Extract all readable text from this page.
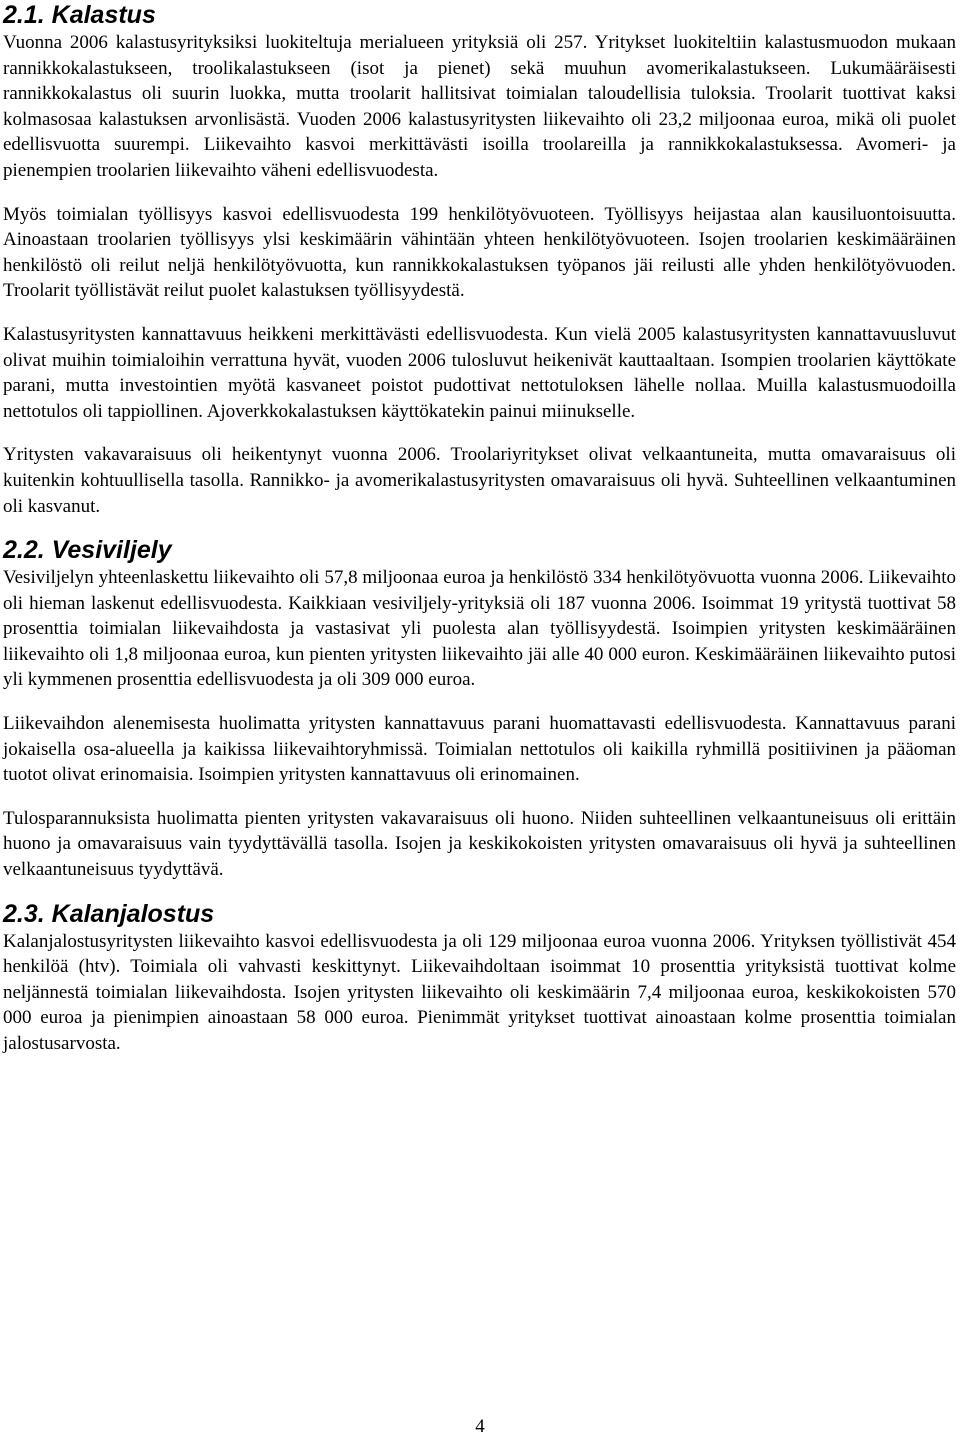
2.1. Kalastus

Vuonna 2006 kalastusyrityksiksi luokiteltuja merialueen yrityksiä oli 257. Yritykset luokiteltiin kalastusmuodon mukaan rannikkokalastukseen, troolikalastukseen (isot ja pienet) sekä muuhun avomerikalastukseen. Lukumääräisesti rannikkokalastus oli suurin luokka, mutta troolarit hallitsivat toimialan taloudellisia tuloksia. Troolarit tuottivat kaksi kolmasosaa kalastuksen arvonlisästä. Vuoden 2006 kalastusyritysten liikevaihto oli 23,2 miljoonaa euroa, mikä oli puolet edellisvuotta suurempi. Liikevaihto kasvoi merkittävästi isoilla troolareilla ja rannikkokalastuksessa. Avomeri- ja pienempien troolarien liikevaihto väheni edellisvuodesta.

Myös toimialan työllisyys kasvoi edellisvuodesta 199 henkilötyövuoteen. Työllisyys heijastaa alan kausiluontoisuutta. Ainoastaan troolarien työllisyys ylsi keskimäärin vähintään yhteen henkilötyövuoteen. Isojen troolarien keskimääräinen henkilöstö oli reilut neljä henkilötyövuotta, kun rannikkokalastuksen työpanos jäi reilusti alle yhden henkilötyövuoden. Troolarit työllistävät reilut puolet kalastuksen työllisyydestä.

Kalastusyritysten kannattavuus heikkeni merkittävästi edellisvuodesta. Kun vielä 2005 kalastusyritysten kannattavuusluvut olivat muihin toimialoihin verrattuna hyvät, vuoden 2006 tulosluvut heikenivät kauttaaltaan. Isompien troolarien käyttökate parani, mutta investointien myötä kasvaneet poistot pudottivat nettotuloksen lähelle nollaa. Muilla kalastusmuodoilla nettotulos oli tappiollinen. Ajoverkkokalastuksen käyttökatekin painui miinukselle.

Yritysten vakavaraisuus oli heikentynyt vuonna 2006. Troolariyritykset olivat velkaantuneita, mutta omavaraisuus oli kuitenkin kohtuullisella tasolla. Rannikko- ja avomerikalastusyritysten omavaraisuus oli hyvä. Suhteellinen velkaantuminen oli kasvanut.

2.2. Vesiviljely

Vesiviljelyn yhteenlaskettu liikevaihto oli 57,8 miljoonaa euroa ja henkilöstö 334 henkilötyövuotta vuonna 2006. Liikevaihto oli hieman laskenut edellisvuodesta. Kaikkiaan vesiviljely-yrityksiä oli 187 vuonna 2006. Isoimmat 19 yritystä tuottivat 58 prosenttia toimialan liikevaihdosta ja vastasivat yli puolesta alan työllisyydestä. Isoimpien yritysten keskimääräinen liikevaihto oli 1,8 miljoonaa euroa, kun pienten yritysten liikevaihto jäi alle 40 000 euron. Keskimääräinen liikevaihto putosi yli kymmenen prosenttia edellisvuodesta ja oli 309 000 euroa.

Liikevaihdon alenemisesta huolimatta yritysten kannattavuus parani huomattavasti edellisvuodesta. Kannattavuus parani jokaisella osa-alueella ja kaikissa liikevaihtoryhmissä. Toimialan nettotulos oli kaikilla ryhmillä positiivinen ja pääoman tuotot olivat erinomaisia. Isoimpien yritysten kannattavuus oli erinomainen.

Tulosparannuksista huolimatta pienten yritysten vakavaraisuus oli huono. Niiden suhteellinen velkaantuneisuus oli erittäin huono ja omavaraisuus vain tyydyttävällä tasolla. Isojen ja keskikokoisten yritysten omavaraisuus oli hyvä ja suhteellinen velkaantuneisuus tyydyttävä.

2.3. Kalanjalostus

Kalanjalostusyritysten liikevaihto kasvoi edellisvuodesta ja oli 129 miljoonaa euroa vuonna 2006. Yrityksen työllistivät 454 henkilöä (htv). Toimiala oli vahvasti keskittynyt. Liikevaihdoltaan isoimmat 10 prosenttia yrityksistä tuottivat kolme neljännestä toimialan liikevaihdosta. Isojen yritysten liikevaihto oli keskimäärin 7,4 miljoonaa euroa, keskikokoisten 570 000 euroa ja pienimpien ainoastaan 58 000 euroa. Pienimmät yritykset tuottivat ainoastaan kolme prosenttia toimialan jalostusarvosta.

4
